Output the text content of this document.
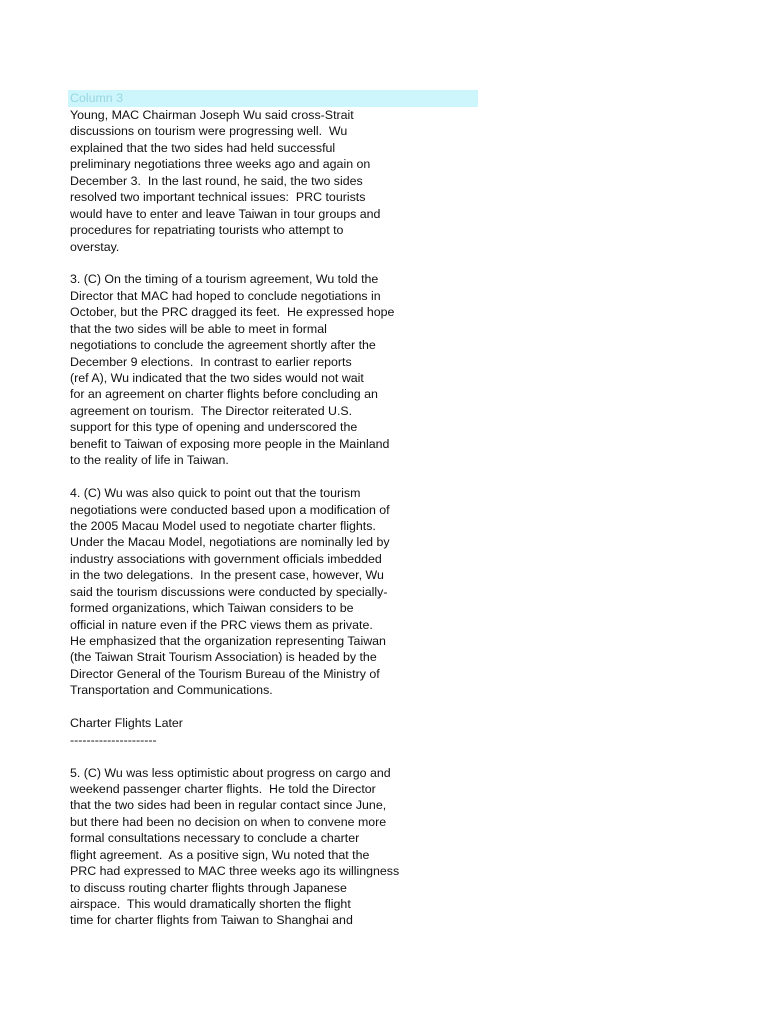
Column 3
Young, MAC Chairman Joseph Wu said cross-Strait
discussions on tourism were progressing well.  Wu
explained that the two sides had held successful
preliminary negotiations three weeks ago and again on
December 3.  In the last round, he said, the two sides
resolved two important technical issues:  PRC tourists
would have to enter and leave Taiwan in tour groups and
procedures for repatriating tourists who attempt to
overstay.
3. (C) On the timing of a tourism agreement, Wu told the
Director that MAC had hoped to conclude negotiations in
October, but the PRC dragged its feet.  He expressed hope
that the two sides will be able to meet in formal
negotiations to conclude the agreement shortly after the
December 9 elections.  In contrast to earlier reports
(ref A), Wu indicated that the two sides would not wait
for an agreement on charter flights before concluding an
agreement on tourism.  The Director reiterated U.S.
support for this type of opening and underscored the
benefit to Taiwan of exposing more people in the Mainland
to the reality of life in Taiwan.
4. (C) Wu was also quick to point out that the tourism
negotiations were conducted based upon a modification of
the 2005 Macau Model used to negotiate charter flights.
Under the Macau Model, negotiations are nominally led by
industry associations with government officials imbedded
in the two delegations.  In the present case, however, Wu
said the tourism discussions were conducted by specially-
formed organizations, which Taiwan considers to be
official in nature even if the PRC views them as private.
He emphasized that the organization representing Taiwan
(the Taiwan Strait Tourism Association) is headed by the
Director General of the Tourism Bureau of the Ministry of
Transportation and Communications.
Charter Flights Later
---------------------
5. (C) Wu was less optimistic about progress on cargo and
weekend passenger charter flights.  He told the Director
that the two sides had been in regular contact since June,
but there had been no decision on when to convene more
formal consultations necessary to conclude a charter
flight agreement.  As a positive sign, Wu noted that the
PRC had expressed to MAC three weeks ago its willingness
to discuss routing charter flights through Japanese
airspace.  This would dramatically shorten the flight
time for charter flights from Taiwan to Shanghai and
